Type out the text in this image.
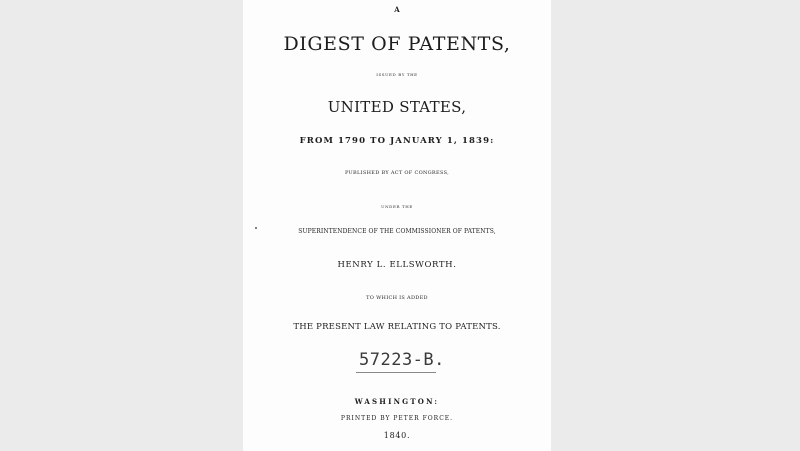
A
DIGEST OF PATENTS,
ISSUED BY THE
UNITED STATES,
FROM 1790 TO JANUARY 1, 1839:
PUBLISHED BY ACT OF CONGRESS,
UNDER THE
SUPERINTENDENCE OF THE COMMISSIONER OF PATENTS,
HENRY L. ELLSWORTH.
TO WHICH IS ADDED
THE PRESENT LAW RELATING TO PATENTS.
57223-B.
WASHINGTON:
PRINTED BY PETER FORCE.
1840.
